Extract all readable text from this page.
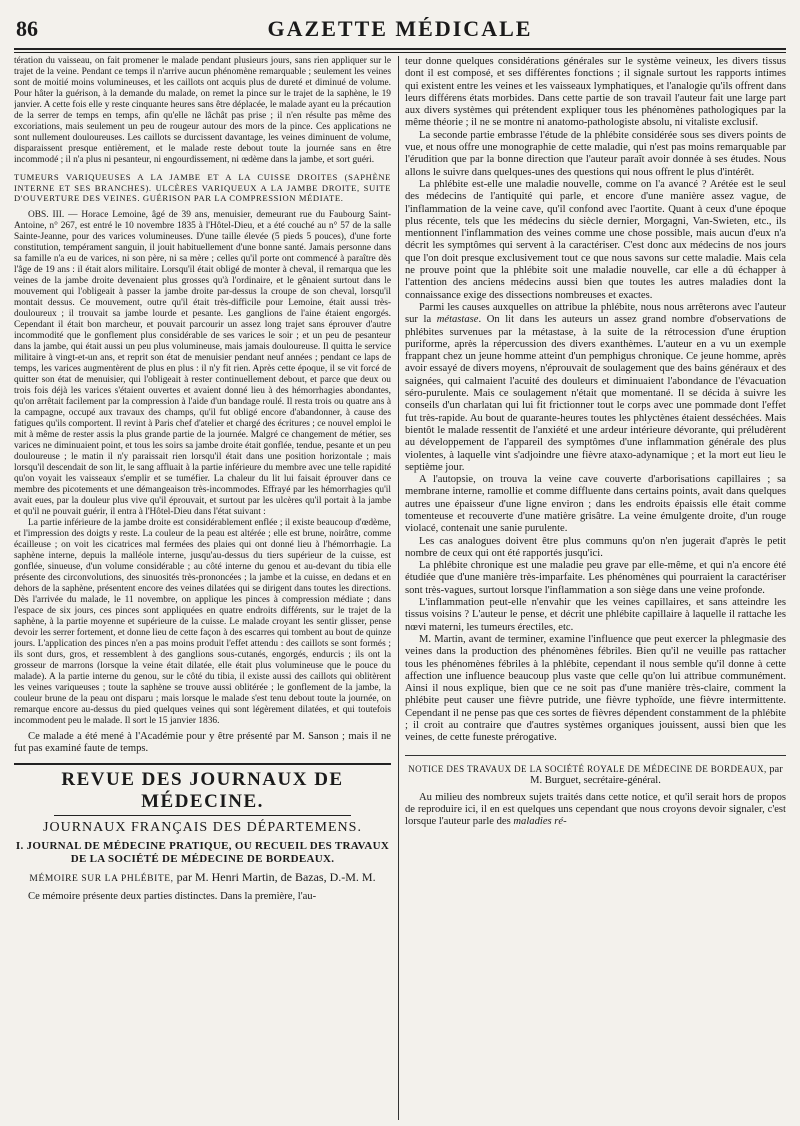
86	GAZETTE MÉDICALE

tération du vaisseau, on fait promener le malade pendant plusieurs jours, sans rien appliquer sur le trajet de la veine. Pendant ce temps il n'arrive aucun phénomène remarquable ; seulement les veines sont de moitié moins volumineuses, et les caillots ont acquis plus de dureté et diminué de volume. Pour hâter la guérison, à la demande du malade, on remet la pince sur le trajet de la saphène, le 19 janvier. A cette fois elle y reste cinquante heures sans être déplacée, le malade ayant eu la précaution de la serrer de temps en temps, afin qu'elle ne lâchât pas prise ; il n'en résulte pas même des excoriations, mais seulement un peu de rougeur autour des mors de la pince. Ces applications ne sont nullement douloureuses. Les caillots se durcissent davantage, les veines diminuent de volume, disparaissent presque entièrement, et le malade reste debout toute la journée sans en être incommodé ; il n'a plus ni pesanteur, ni engourdissement, ni œdème dans la jambe, et sort guéri.

TUMEURS VARIQUEUSES A LA JAMBE ET A LA CUISSE DROITES (SAPHÈNE INTERNE ET SES BRANCHES). ULCÈRES VARIQUEUX A LA JAMBE DROITE, SUITE D'OUVERTURE DES VEINES. GUÉRISON PAR LA COMPRESSION MÉDIATE.

OBS. III. — Horace Lemoine, âgé de 39 ans, menuisier, demeurant rue du Faubourg Saint-Antoine, n° 267, est entré le 10 novembre 1835 à l'Hôtel-Dieu, et a été couché au n° 57 de la salle Sainte-Jeanne, pour des varices volumineuses. D'une taille élevée (5 pieds 5 pouces), d'une forte constitution, tempérament sanguin, il jouit habituellement d'une bonne santé. Jamais personne dans sa famille n'a eu de varices, ni son père, ni sa mère ; celles qu'il porte ont commencé à paraître dès l'âge de 19 ans : il était alors militaire. Lorsqu'il était obligé de monter à cheval, il remarqua que les veines de la jambe droite devenaient plus grosses qu'à l'ordinaire, et le gênaient surtout dans le mouvement qui l'obligeait à passer la jambe droite par-dessus la croupe de son cheval, lorsqu'il montait dessus. Ce mouvement, outre qu'il était très-difficile pour Lemoine, était aussi très-douloureux ; il trouvait sa jambe lourde et pesante. Les ganglions de l'aine étaient engorgés. Cependant il était bon marcheur, et pouvait parcourir un assez long trajet sans éprouver d'autre incommodité que le gonflement plus considérable de ses varices le soir ; et un peu de pesanteur dans la jambe, qui était aussi un peu plus volumineuse, mais jamais douloureuse. Il quitta le service militaire à vingt-et-un ans, et reprit son état de menuisier pendant neuf années ; pendant ce laps de temps, les varices augmentèrent de plus en plus : il n'y fit rien. Après cette époque, il se vit forcé de quitter son état de menuisier, qui l'obligeait à rester continuellement debout, et parce que deux ou trois fois déjà les varices s'étaient ouvertes et avaient donné lieu à des hémorrhagies abondantes, qu'on arrêtait facilement par la compression à l'aide d'un bandage roulé. Il resta trois ou quatre ans à la campagne, occupé aux travaux des champs, qu'il fut obligé encore d'abandonner, à cause des fatigues qu'ils comportent. Il revint à Paris chef d'atelier et chargé des écritures ; ce nouvel emploi le mit à même de rester assis la plus grande partie de la journée. Malgré ce changement de métier, ses varices ne diminuaient point, et tous les soirs sa jambe droite était gonflée, tendue, pesante et un peu douloureuse ; le matin il n'y paraissait rien lorsqu'il était dans une position horizontale ; mais lorsqu'il descendait de son lit, le sang affluait à la partie inférieure du membre avec une telle rapidité qu'on voyait les vaisseaux s'emplir et se tuméfier. La chaleur du lit lui faisait éprouver dans ce membre des picotements et une démangeaison très-incommodes. Effrayé par les hémorrhagies qu'il avait eues, par la douleur plus vive qu'il éprouvait, et surtout par les ulcères qu'il portait à la jambe et qu'il ne pouvait guérir, il entra à l'Hôtel-Dieu dans l'état suivant :

La partie inférieure de la jambe droite est considérablement enflée ; il existe beaucoup d'œdème, et l'impression des doigts y reste. La couleur de la peau est altérée ; elle est brune, noirâtre, comme écailleuse ; on voit les cicatrices mal fermées des plaies qui ont donné lieu à l'hémorrhagie. La saphène interne, depuis la malléole interne, jusqu'au-dessus du tiers supérieur de la cuisse, est gonflée, sinueuse, d'un volume considérable ; au côté interne du genou et au-devant du tibia elle présente des circonvolutions, des sinuosités très-prononcées ; la jambe et la cuisse, en dedans et en dehors de la saphène, présentent encore des veines dilatées qui se dirigent dans toutes les directions. Dès l'arrivée du malade, le 11 novembre, on applique les pinces à compression médiate ; dans l'espace de six jours, ces pinces sont appliquées en quatre endroits différents, sur le trajet de la saphène, à la partie moyenne et supérieure de la cuisse. Le malade croyant les sentir glisser, pense devoir les serrer fortement, et donne lieu de cette façon à des escarres qui tombent au bout de quinze jours. L'application des pinces n'en a pas moins produit l'effet attendu : des caillots se sont formés ; ils sont durs, gros, et ressemblent à des ganglions sous-cutanés, engorgés, endurcis ; ils ont la grosseur de marrons (lorsque la veine était dilatée, elle était plus volumineuse que le pouce du malade). A la partie interne du genou, sur le côté du tibia, il existe aussi des caillots qui oblitèrent les veines variqueuses ; toute la saphène se trouve aussi oblitérée ; le gonflement de la jambe, la couleur brune de la peau ont disparu ; mais lorsque le malade s'est tenu debout toute la journée, on remarque encore au-dessus du pied quelques veines qui sont légèrement dilatées, et qui toutefois incommodent peu le malade. Il sort le 15 janvier 1836.

Ce malade a été mené à l'Académie pour y être présenté par M. Sanson ; mais il ne fut pas examiné faute de temps.

REVUE DES JOURNAUX DE MÉDECINE.
JOURNAUX FRANÇAIS DES DÉPARTEMENS.
I. JOURNAL DE MÉDECINE PRATIQUE, OU RECUEIL DES TRAVAUX DE LA SOCIÉTÉ DE MÉDECINE DE BORDEAUX.
MÉMOIRE SUR LA PHLÉBITE, par M. Henri Martin, de Bazas, D.-M. M.

Ce mémoire présente deux parties distinctes. Dans la première, l'au-

teur donne quelques considérations générales sur le système veineux, les divers tissus dont il est composé, et ses différentes fonctions ; il signale surtout les rapports intimes qui existent entre les veines et les vaisseaux lymphatiques, et l'analogie qu'ils offrent dans leurs différens états morbides. Dans cette partie de son travail l'auteur fait une large part aux divers systèmes qui prétendent expliquer tous les phénomènes pathologiques par la même théorie ; il ne se montre ni anatomo-pathologiste absolu, ni vitaliste exclusif.

La seconde partie embrasse l'étude de la phlébite considérée sous ses divers points de vue, et nous offre une monographie de cette maladie, qui n'est pas moins remarquable par l'érudition que par la bonne direction que l'auteur paraît avoir donnée à ses études. Nous allons le suivre dans quelques-unes des questions qui nous offrent le plus d'intérêt.

La phlébite est-elle une maladie nouvelle, comme on l'a avancé ? Arétée est le seul des médecins de l'antiquité qui parle, et encore d'une manière assez vague, de l'inflammation de la veine cave, qu'il confond avec l'aortite. Quant à ceux d'une époque plus récente, tels que les médecins du siècle dernier, Morgagni, Van-Swieten, etc., ils mentionnent l'inflammation des veines comme une chose possible, mais aucun d'eux n'a décrit les symptômes qui servent à la caractériser. C'est donc aux médecins de nos jours que l'on doit presque exclusivement tout ce que nous savons sur cette maladie. Mais cela ne prouve point que la phlébite soit une maladie nouvelle, car elle a dû échapper à l'attention des anciens médecins aussi bien que toutes les autres maladies dont la connaissance exige des dissections nombreuses et exactes.

Parmi les causes auxquelles on attribue la phlébite, nous nous arrêterons avec l'auteur sur la métastase. On lit dans les auteurs un assez grand nombre d'observations de phlébites survenues par la métastase, à la suite de la rétrocession d'une éruption puriforme, après la répercussion des divers exanthèmes. L'auteur en a vu un exemple frappant chez un jeune homme atteint d'un pemphigus chronique. Ce jeune homme, après avoir essayé de divers moyens, n'éprouvait de soulagement que des bains généraux et des saignées, qui calmaient l'acuité des douleurs et diminuaient l'abondance de l'évacuation séro-purulente. Mais ce soulagement n'était que momentané. Il se décida à suivre les conseils d'un charlatan qui lui fit frictionner tout le corps avec une pommade dont l'effet fut très-rapide. Au bout de quarante-heures toutes les phlyctènes étaient desséchées. Mais bientôt le malade ressentit de l'anxiété et une ardeur intérieure dévorante, qui préludèrent au développement de l'appareil des symptômes d'une inflammation générale des plus violentes, à laquelle vint s'adjoindre une fièvre ataxo-adynamique ; et la mort eut lieu le septième jour.

A l'autopsie, on trouva la veine cave couverte d'arborisations capillaires ; sa membrane interne, ramollie et comme diffluente dans certains points, avait dans quelques autres une épaisseur d'une ligne environ ; dans les endroits épaissis elle était comme tomenteuse et recouverte d'une matière grisâtre. La veine émulgente droite, d'un rouge violacé, contenait une sanie purulente.

Les cas analogues doivent être plus communs qu'on n'en jugerait d'après le petit nombre de ceux qui ont été rapportés jusqu'ici.

La phlébite chronique est une maladie peu grave par elle-même, et qui n'a encore été étudiée que d'une manière très-imparfaite. Les phénomènes qui pourraient la caractériser sont très-vagues, surtout lorsque l'inflammation a son siège dans une veine profonde.

L'inflammation peut-elle n'envahir que les veines capillaires, et sans atteindre les tissus voisins ? L'auteur le pense, et décrit une phlébite capillaire à laquelle il rattache les nœvi materni, les tumeurs érectiles, etc.

M. Martin, avant de terminer, examine l'influence que peut exercer la phlegmasie des veines dans la production des phénomènes fébriles. Bien qu'il ne veuille pas rattacher tous les phénomènes fébriles à la phlébite, cependant il nous semble qu'il donne à cette affection une influence beaucoup plus vaste que celle qu'on lui attribue communément. Ainsi il nous explique, bien que ce ne soit pas d'une manière très-claire, comment la phlébite peut causer une fièvre putride, une fièvre typhoïde, une fièvre intermittente. Cependant il ne pense pas que ces sortes de fièvres dépendent constamment de la phlébite ; il croit au contraire que d'autres systèmes organiques jouissent, aussi bien que les veines, de cette funeste prérogative.

NOTICE DES TRAVAUX DE LA SOCIÉTÉ ROYALE DE MÉDECINE DE BORDEAUX, par M. Burguet, secrétaire-général.

Au milieu des nombreux sujets traités dans cette notice, et qu'il serait hors de propos de reproduire ici, il en est quelques uns cependant que nous croyons devoir signaler, c'est lorsque l'auteur parle des maladies ré-
